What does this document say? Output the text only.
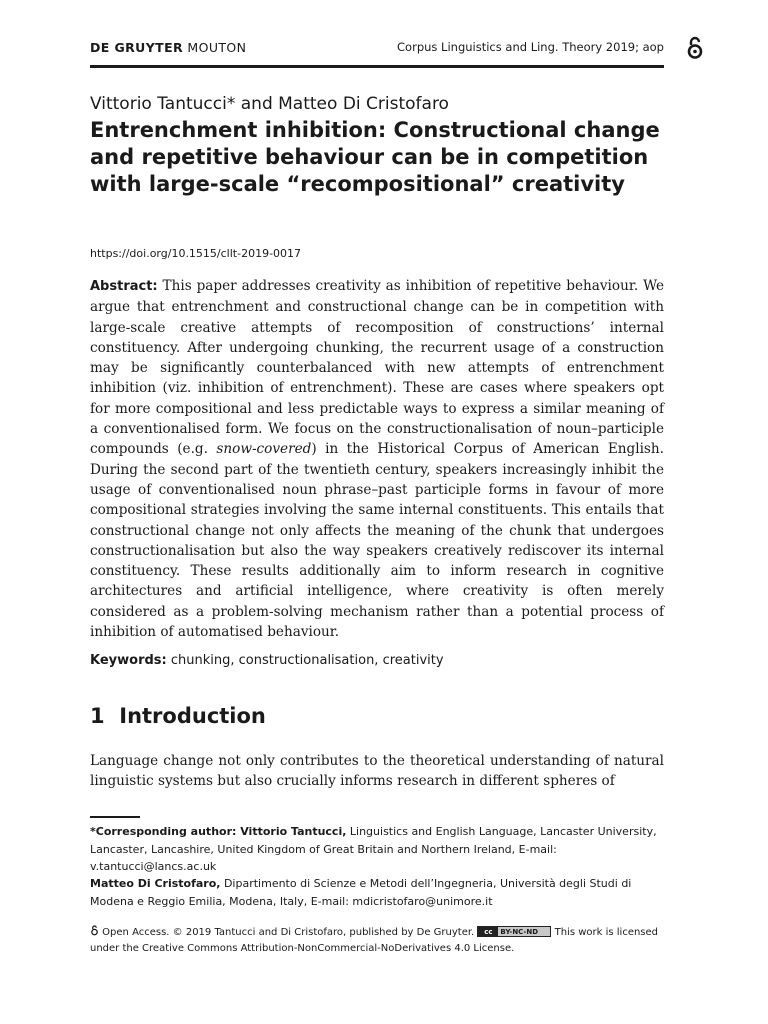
DE GRUYTER MOUTON	Corpus Linguistics and Ling. Theory 2019; aop
Vittorio Tantucci* and Matteo Di Cristofaro
Entrenchment inhibition: Constructional change and repetitive behaviour can be in competition with large-scale “recompositional” creativity
https://doi.org/10.1515/cllt-2019-0017

Abstract: This paper addresses creativity as inhibition of repetitive behaviour. We argue that entrenchment and constructional change can be in competition with large-scale creative attempts of recomposition of constructions’ internal constituency. After undergoing chunking, the recurrent usage of a construction may be significantly counterbalanced with new attempts of entrenchment inhibition (viz. inhibition of entrenchment). These are cases where speakers opt for more compositional and less predictable ways to express a similar meaning of a conventionalised form. We focus on the constructionalisation of noun–participle compounds (e.g. snow-covered) in the Historical Corpus of American English. During the second part of the twentieth century, speakers increasingly inhibit the usage of conventionalised noun phrase–past participle forms in favour of more compositional strategies involving the same internal constituents. This entails that constructional change not only affects the meaning of the chunk that undergoes constructionalisation but also the way speakers creatively rediscover its internal constituency. These results additionally aim to inform research in cognitive architectures and artificial intelligence, where creativity is often merely considered as a problem-solving mechanism rather than a potential process of inhibition of automatised behaviour.

Keywords: chunking, constructionalisation, creativity
1 Introduction

Language change not only contributes to the theoretical understanding of natural linguistic systems but also crucially informs research in different spheres of

*Corresponding author: Vittorio Tantucci, Linguistics and English Language, Lancaster University, Lancaster, Lancashire, United Kingdom of Great Britain and Northern Ireland, E-mail: v.tantucci@lancs.ac.uk

Matteo Di Cristofaro, Dipartimento di Scienze e Metodi dell’Ingegneria, Università degli Studi di Modena e Reggio Emilia, Modena, Italy, E-mail: mdicristofaro@unimore.it

Open Access. © 2019 Tantucci and Di Cristofaro, published by De Gruyter. cc	BY-NC-ND This work is licensed under the Creative Commons Attribution-NonCommercial-NoDerivatives 4.0 License.
